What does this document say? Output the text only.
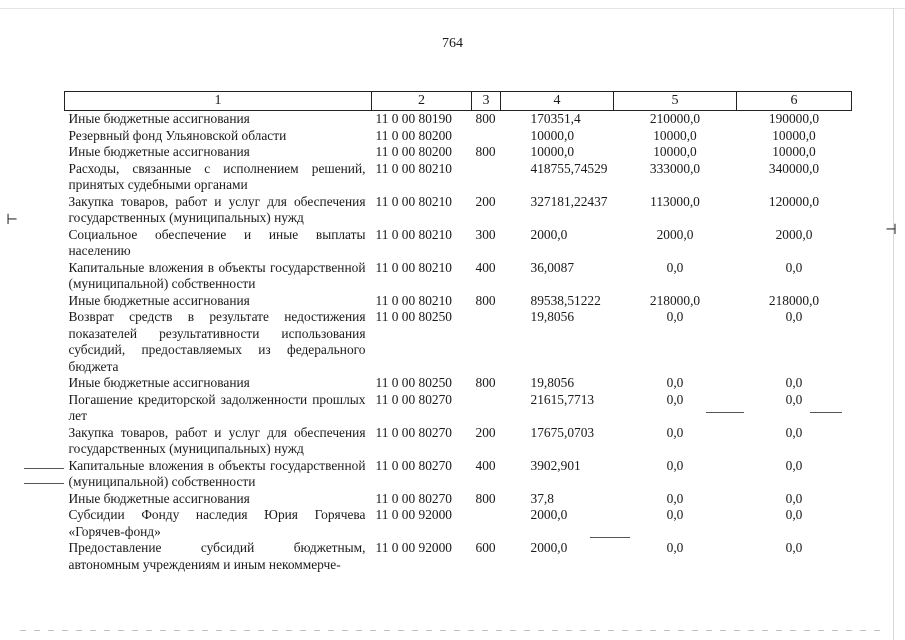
⊢
⊣
764
1	2	3	4	5	6
Иные бюджетные ассигнования	11 0 00 80190	800	170351,4	210000,0	190000,0
Резервный фонд Ульяновской области	11 0 00 80200		10000,0	10000,0	10000,0
Иные бюджетные ассигнования	11 0 00 80200	800	10000,0	10000,0	10000,0
Расходы, связанные с исполнением решений, принятых судебными органами	11 0 00 80210		418755,74529	333000,0	340000,0
Закупка товаров, работ и услуг для обеспечения государственных (муниципальных) нужд	11 0 00 80210	200	327181,22437	113000,0	120000,0
Социальное обеспечение и иные выплаты населению	11 0 00 80210	300	2000,0	2000,0	2000,0
Капитальные вложения в объекты государственной (муниципальной) собственности	11 0 00 80210	400	36,0087	0,0	0,0
Иные бюджетные ассигнования	11 0 00 80210	800	89538,51222	218000,0	218000,0
Возврат средств в результате недостижения показателей результативности использования субсидий, предоставляемых из федерального бюджета	11 0 00 80250		19,8056	0,0	0,0
Иные бюджетные ассигнования	11 0 00 80250	800	19,8056	0,0	0,0
Погашение кредиторской задолженности прошлых лет	11 0 00 80270		21615,7713	0,0	0,0
Закупка товаров, работ и услуг для обеспечения государственных (муниципальных) нужд	11 0 00 80270	200	17675,0703	0,0	0,0
Капитальные вложения в объекты государственной (муниципальной) собственности	11 0 00 80270	400	3902,901	0,0	0,0
Иные бюджетные ассигнования	11 0 00 80270	800	37,8	0,0	0,0
Субсидии Фонду наследия Юрия Горячева «Горячев-фонд»	11 0 00 92000		2000,0	0,0	0,0
Предоставление субсидий бюджетным, автономным учреждениям и иным некоммерче-	11 0 00 92000	600	2000,0	0,0	0,0
